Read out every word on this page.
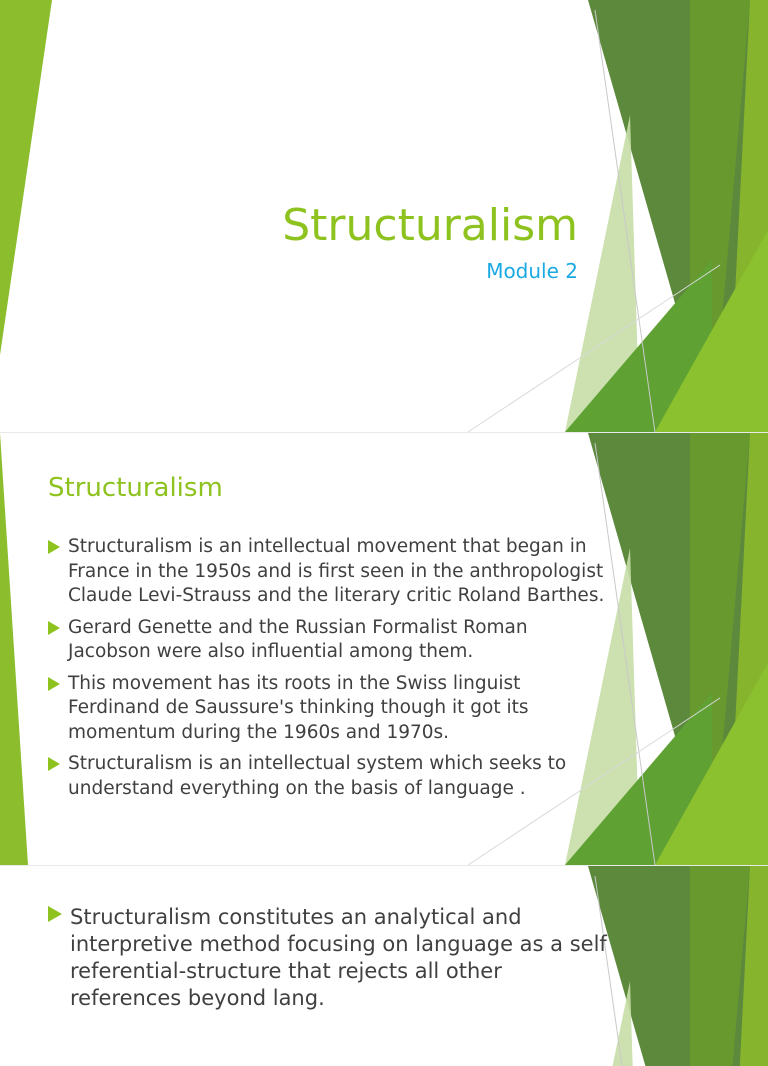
Structuralism
Module 2
Structuralism
Structuralism is an intellectual movement that began in France in the 1950s and is first seen in the anthropologist Claude Levi-Strauss and the literary critic Roland Barthes.
Gerard Genette and the Russian Formalist Roman Jacobson were also influential among them.
This movement has its roots in the Swiss linguist Ferdinand de Saussure's thinking though it got its momentum during the 1960s and 1970s.
Structuralism is an intellectual system which seeks to understand everything on the basis of language .
Structuralism constitutes an analytical and interpretive method focusing on language as a self referential-structure that rejects all other references beyond lang.
